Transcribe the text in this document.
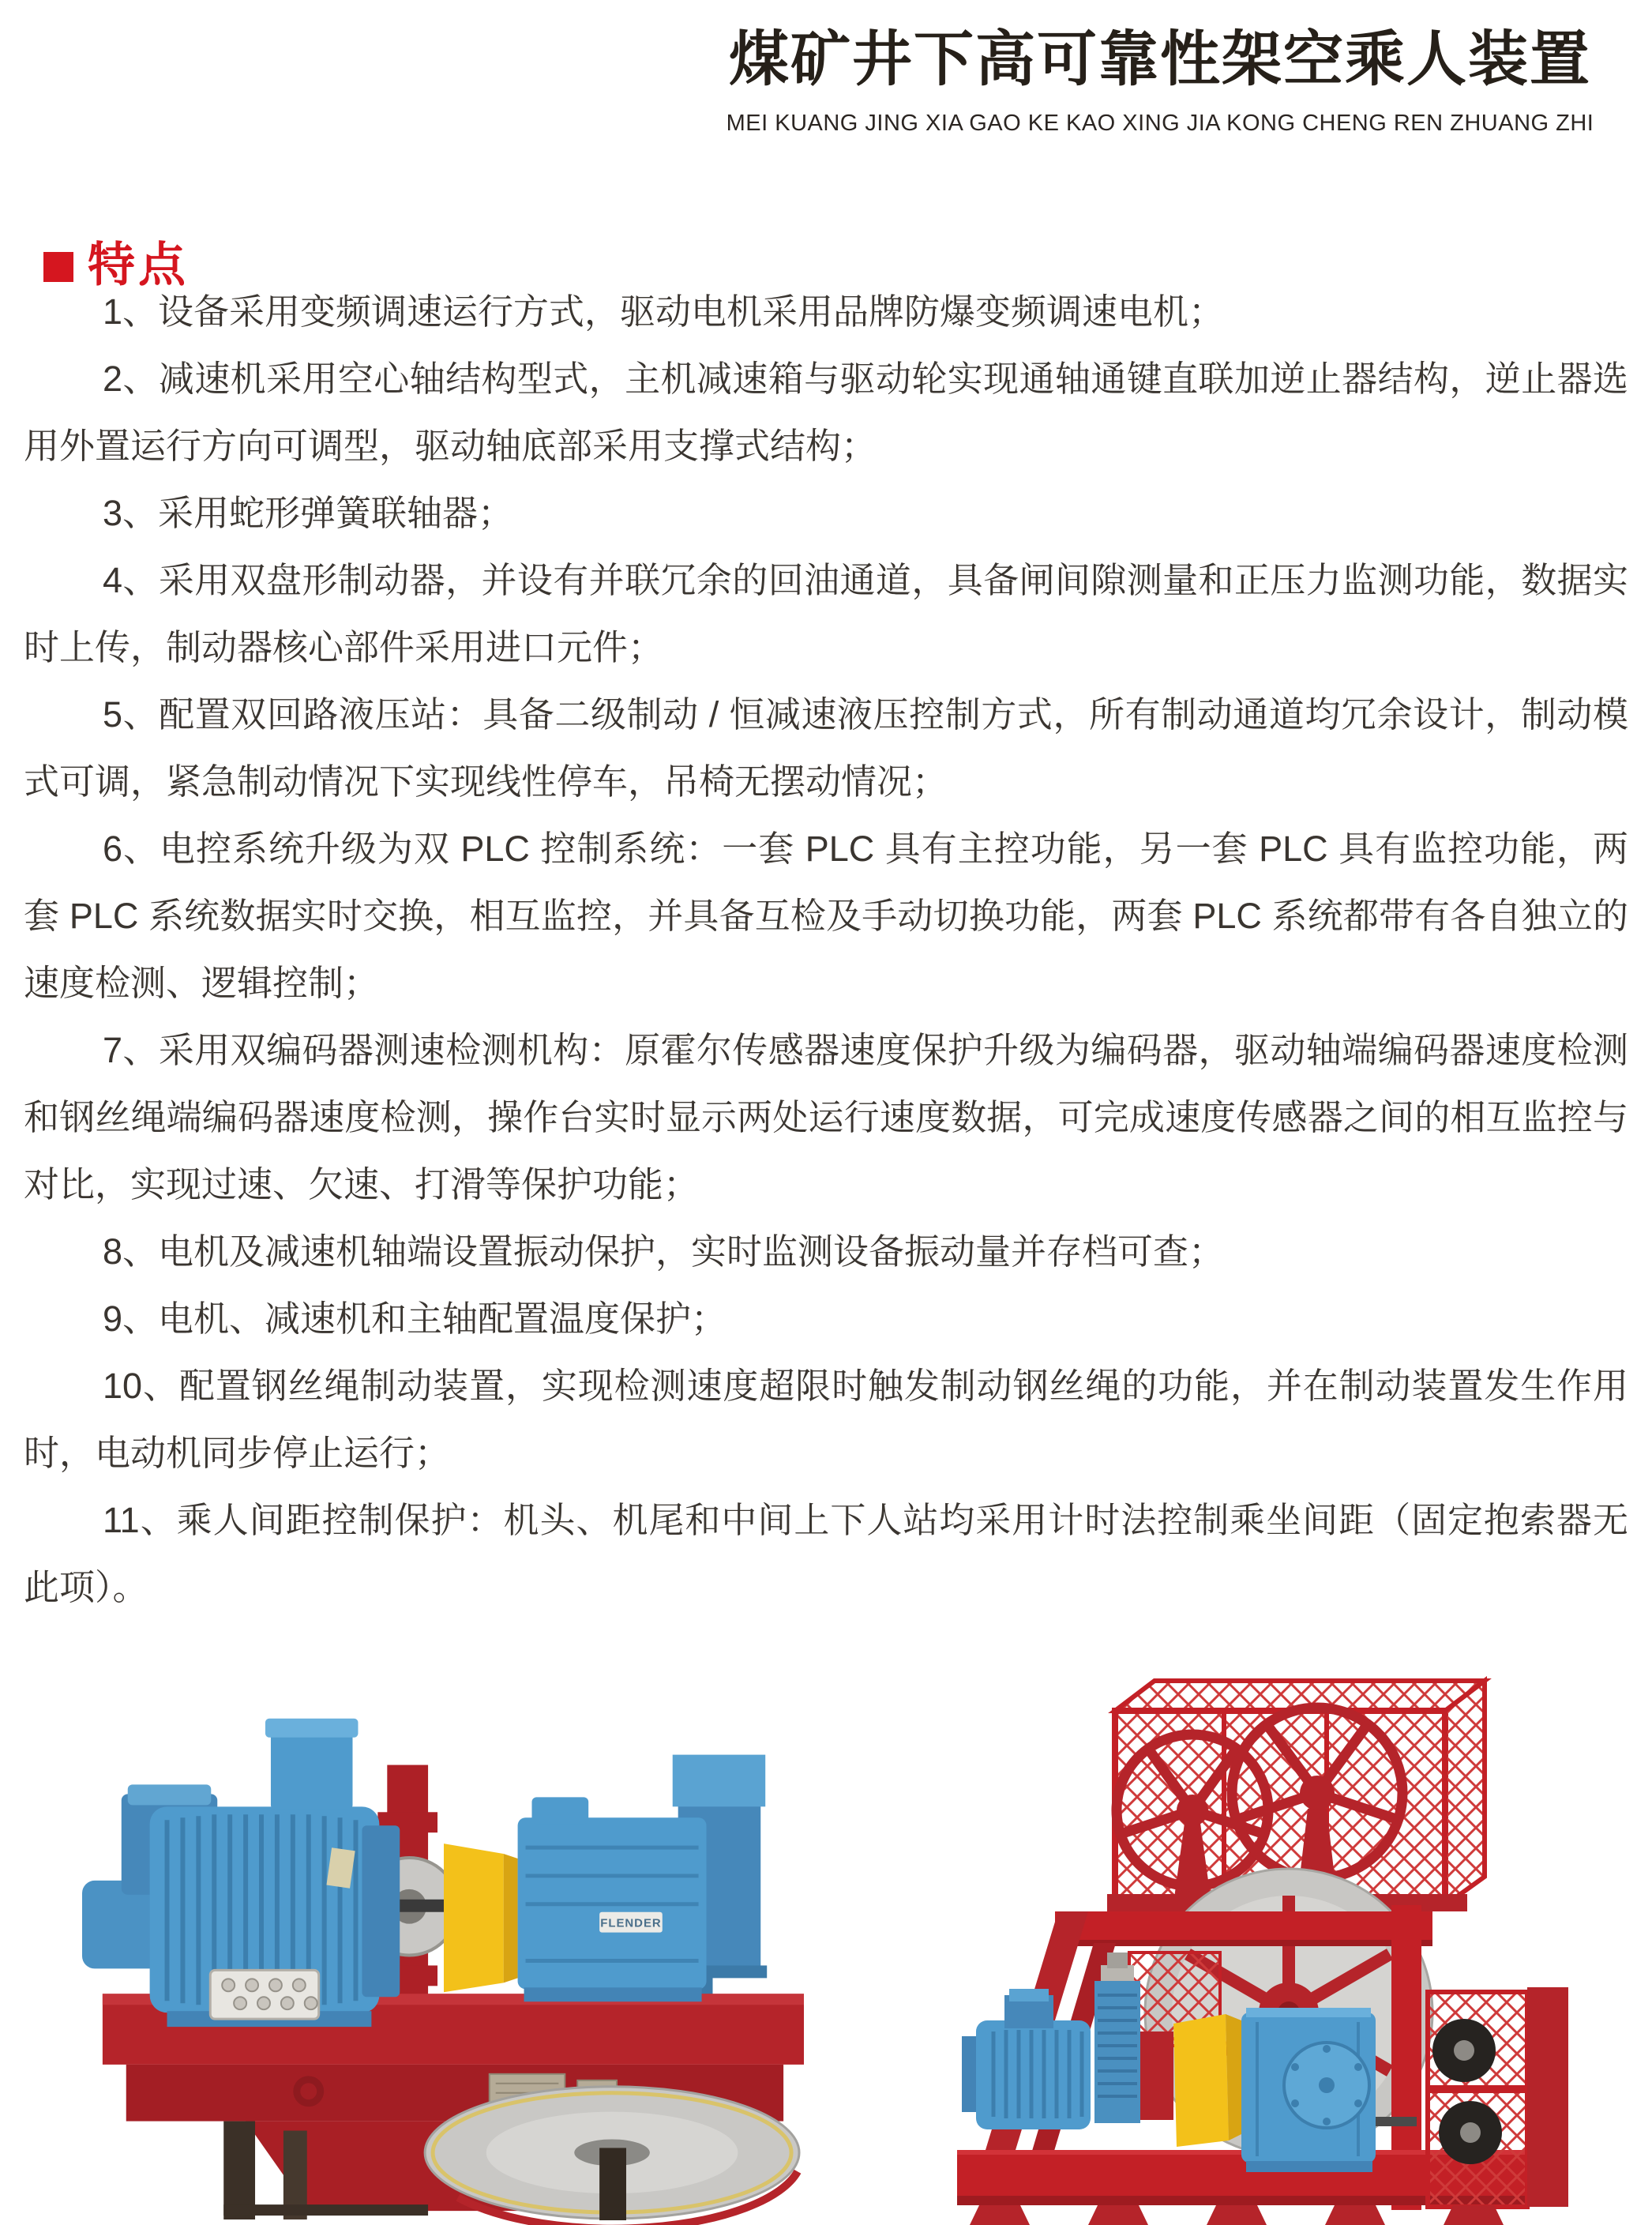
煤矿井下高可靠性架空乘人装置
MEI KUANG JING XIA GAO KE KAO XING JIA KONG CHENG REN ZHUANG ZHI
特点

1、设备采用变频调速运行方式，驱动电机采用品牌防爆变频调速电机；

2、减速机采用空心轴结构型式，主机减速箱与驱动轮实现通轴通键直联加逆止器结构，逆止器选用外置运行方向可调型，驱动轴底部采用支撑式结构；

3、采用蛇形弹簧联轴器；

4、采用双盘形制动器，并设有并联冗余的回油通道，具备闸间隙测量和正压力监测功能，数据实时上传，制动器核心部件采用进口元件；

5、配置双回路液压站：具备二级制动 / 恒减速液压控制方式，所有制动通道均冗余设计，制动模式可调，紧急制动情况下实现线性停车，吊椅无摆动情况；

6、电控系统升级为双 PLC 控制系统：一套 PLC 具有主控功能，另一套 PLC 具有监控功能，两套 PLC 系统数据实时交换，相互监控，并具备互检及手动切换功能，两套 PLC 系统都带有各自独立的速度检测、逻辑控制；

7、采用双编码器测速检测机构：原霍尔传感器速度保护升级为编码器，驱动轴端编码器速度检测和钢丝绳端编码器速度检测，操作台实时显示两处运行速度数据，可完成速度传感器之间的相互监控与对比，实现过速、欠速、打滑等保护功能；

8、电机及减速机轴端设置振动保护，实时监测设备振动量并存档可查；

9、电机、减速机和主轴配置温度保护；

10、配置钢丝绳制动装置，实现检测速度超限时触发制动钢丝绳的功能，并在制动装置发生作用时，电动机同步停止运行；

11、乘人间距控制保护：机头、机尾和中间上下人站均采用计时法控制乘坐间距（固定抱索器无此项）。

FLENDER
